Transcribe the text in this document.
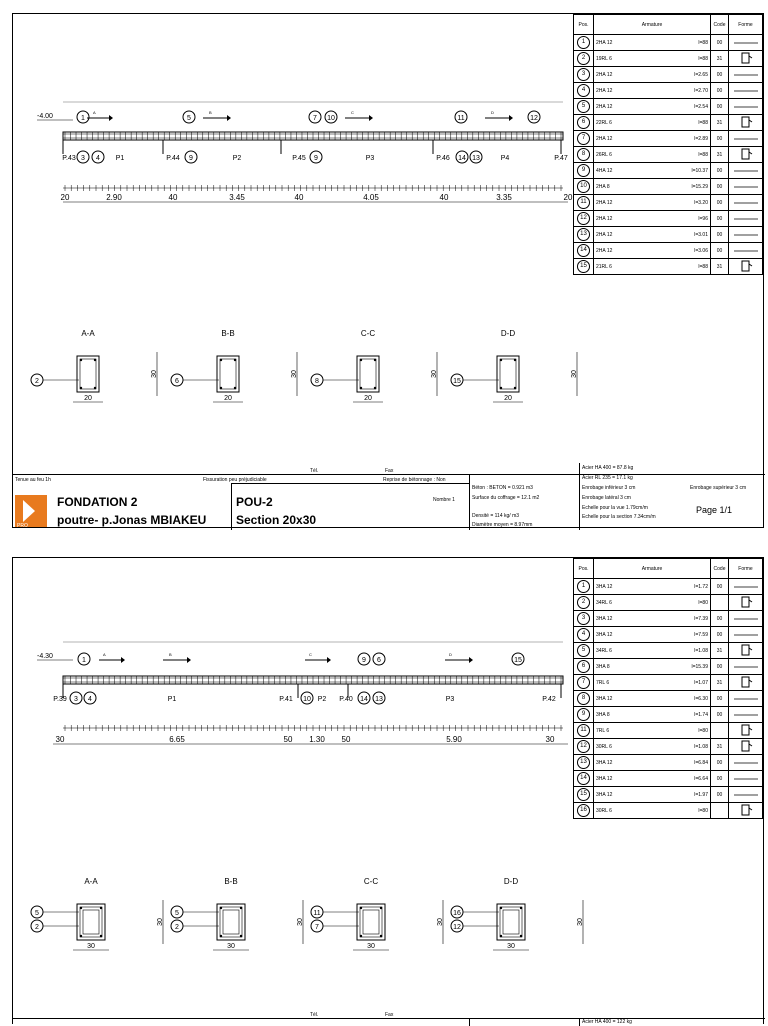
-4.00
A	B	C	D
1	5	7 10	11	12
P.43 3 4 P1	P.44 9	P2	P.45 9	P3	P.46 14 13	P4	P.47
20	2.90	40	3.45	40	4.05	40	3.35	20
A-A
20
30
2
B-B
20
30
6
C-C
20
30
8
D-D
20
30
15
Pos.	Armature	Code	Forme
1	2HA 12 l=88	00	
2	19RL 6 l=88	31	
3	2HA 12 l=2.65	00	
4	2HA 12 l=2.70	00	
5	2HA 12 l=2.54	00	
6	22RL 6 l=88	31	
7	2HA 12 l=2.89	00	
8	26RL 6 l=88	31	
9	4HA 12 l=10.37	00	
10	2HA 8 l=15.29	00	
11	2HA 12 l=3.20	00	
12	2HA 12 l=96	00	
13	2HA 12 l=3.01	00	
14	2HA 12 l=3.06	00	
15	21RL 6 l=88	31	
Tenue au feu 1h	Fissuration peu préjudiciable
Tél.	Fax
Reprise de bétonnage : Non
Nombre 1
PRO
FONDATION 2
poutre- p.Jonas MBIAKEU
POU-2
Section 20x30
Béton : BETON = 0.921 m3
Surface du coffrage = 12.1 m2
Densité = 114 kg/ m3
Diamètre moyen = 8.97mm
Acier HA 400 = 87.8 kg
Acier RL 235 = 17.1 kg
Enrobage inférieur 3 cm	Enrobage supérieur 3 cm
Enrobage latéral 3 cm
Echelle pour la vue 1.79cm/m
Echelle pour la section 7.34cm/m
Page 1/1
-4.30	A	B	C	D
1	9 6	15
P.39 3 4	P1	P.41 10 P2 P.40 14 13	P3	P.42
30	6.65	50 1.30 50	5.90	30
A-A
30
30
5
2
B-B
30
30
5
2
C-C
30
30
11
7
D-D
30
30
16
12
Pos.	Armature	Code	Forme
1	3HA 12 l=1.72	00	
2	34RL 6 l=80

3	3HA 12 l=7.39	00	
4	3HA 12 l=7.59	00	
5	34RL 6 l=1.08	31	
6	3HA 8 l=15.39	00	
7	7RL 6 l=1.07	31	
8	3HA 12 l=6.30	00	
9	3HA 8 l=1.74	00	
11	7RL 6 l=80

12	30RL 6 l=1.08	31	
13	3HA 12 l=6.84	00	
14	3HA 12 l=6.64	00	
15	3HA 12 l=1.97	00	
16	30RL 6 l=80

Tél.	Fax
Acier HA 400 = 122 kg
